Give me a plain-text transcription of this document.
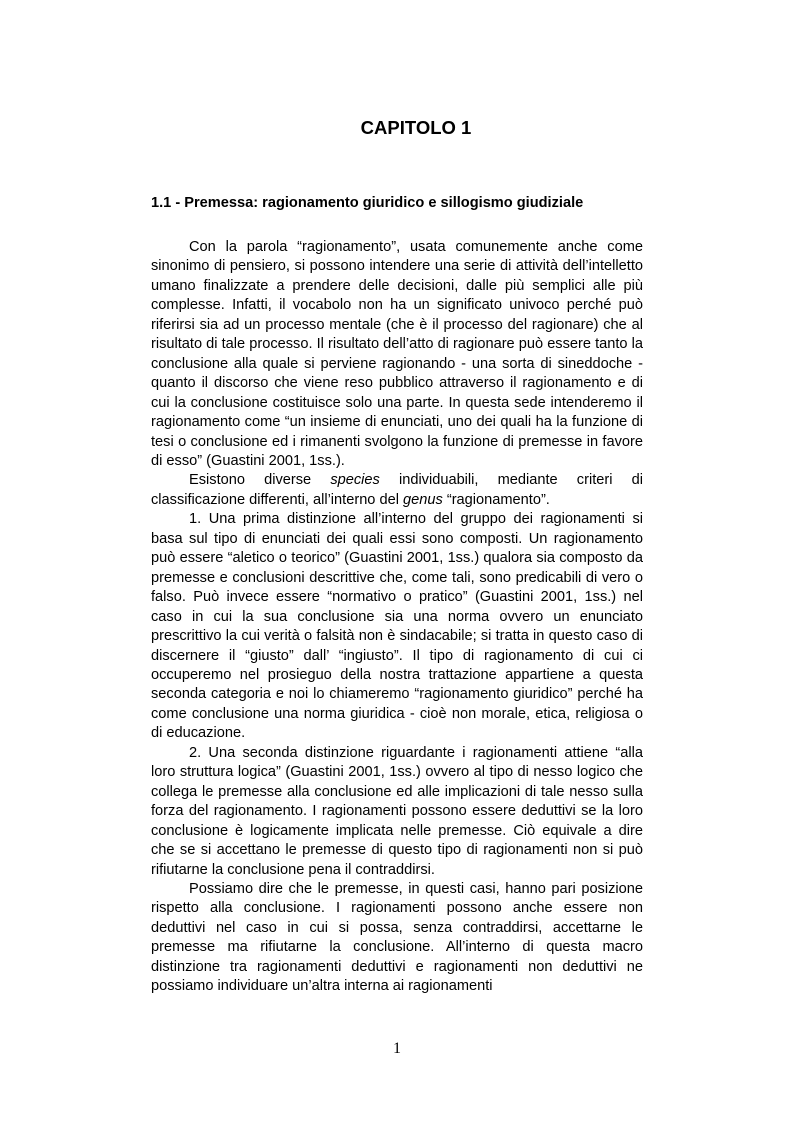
CAPITOLO 1
1.1 - Premessa: ragionamento giuridico e sillogismo giudiziale

Con la parola “ragionamento”, usata comunemente anche come sinonimo di pensiero, si possono intendere una serie di attività dell’intelletto umano finalizzate a prendere delle decisioni, dalle più semplici alle più complesse. Infatti, il vocabolo non ha un significato univoco perché può riferirsi sia ad un processo mentale (che è il processo del ragionare) che al risultato di tale processo. Il risultato dell’atto di ragionare può essere tanto la conclusione alla quale si perviene ragionando - una sorta di sineddoche - quanto il discorso che viene reso pubblico attraverso il ragionamento e di cui la conclusione costituisce solo una parte. In questa sede intenderemo il ragionamento come “un insieme di enunciati, uno dei quali ha la funzione di tesi o conclusione ed i rimanenti svolgono la funzione di premesse in favore di esso” (Guastini 2001, 1ss.).

Esistono diverse species individuabili, mediante criteri di classificazione differenti, all’interno del genus “ragionamento”.

1. Una prima distinzione all’interno del gruppo dei ragionamenti si basa sul tipo di enunciati dei quali essi sono composti. Un ragionamento può essere “aletico o teorico” (Guastini 2001, 1ss.) qualora sia composto da premesse e conclusioni descrittive che, come tali, sono predicabili di vero o falso. Può invece essere “normativo o pratico” (Guastini 2001, 1ss.) nel caso in cui la sua conclusione sia una norma ovvero un enunciato prescrittivo la cui verità o falsità non è sindacabile; si tratta in questo caso di discernere il “giusto” dall’ “ingiusto”. Il tipo di ragionamento di cui ci occuperemo nel prosieguo della nostra trattazione appartiene a questa seconda categoria e noi lo chiameremo “ragionamento giuridico” perché ha come conclusione una norma giuridica - cioè non morale, etica, religiosa o di educazione.

2. Una seconda distinzione riguardante i ragionamenti attiene “alla loro struttura logica” (Guastini 2001, 1ss.) ovvero al tipo di nesso logico che collega le premesse alla conclusione ed alle implicazioni di tale nesso sulla forza del ragionamento. I ragionamenti possono essere deduttivi se la loro conclusione è logicamente implicata nelle premesse. Ciò equivale a dire che se si accettano le premesse di questo tipo di ragionamenti non si può rifiutarne la conclusione pena il contraddirsi.

Possiamo dire che le premesse, in questi casi, hanno pari posizione rispetto alla conclusione. I ragionamenti possono anche essere non deduttivi nel caso in cui si possa, senza contraddirsi, accettarne le premesse ma rifiutarne la conclusione. All’interno di questa macro distinzione tra ragionamenti deduttivi e ragionamenti non deduttivi ne possiamo individuare un’altra interna ai ragionamenti

1
